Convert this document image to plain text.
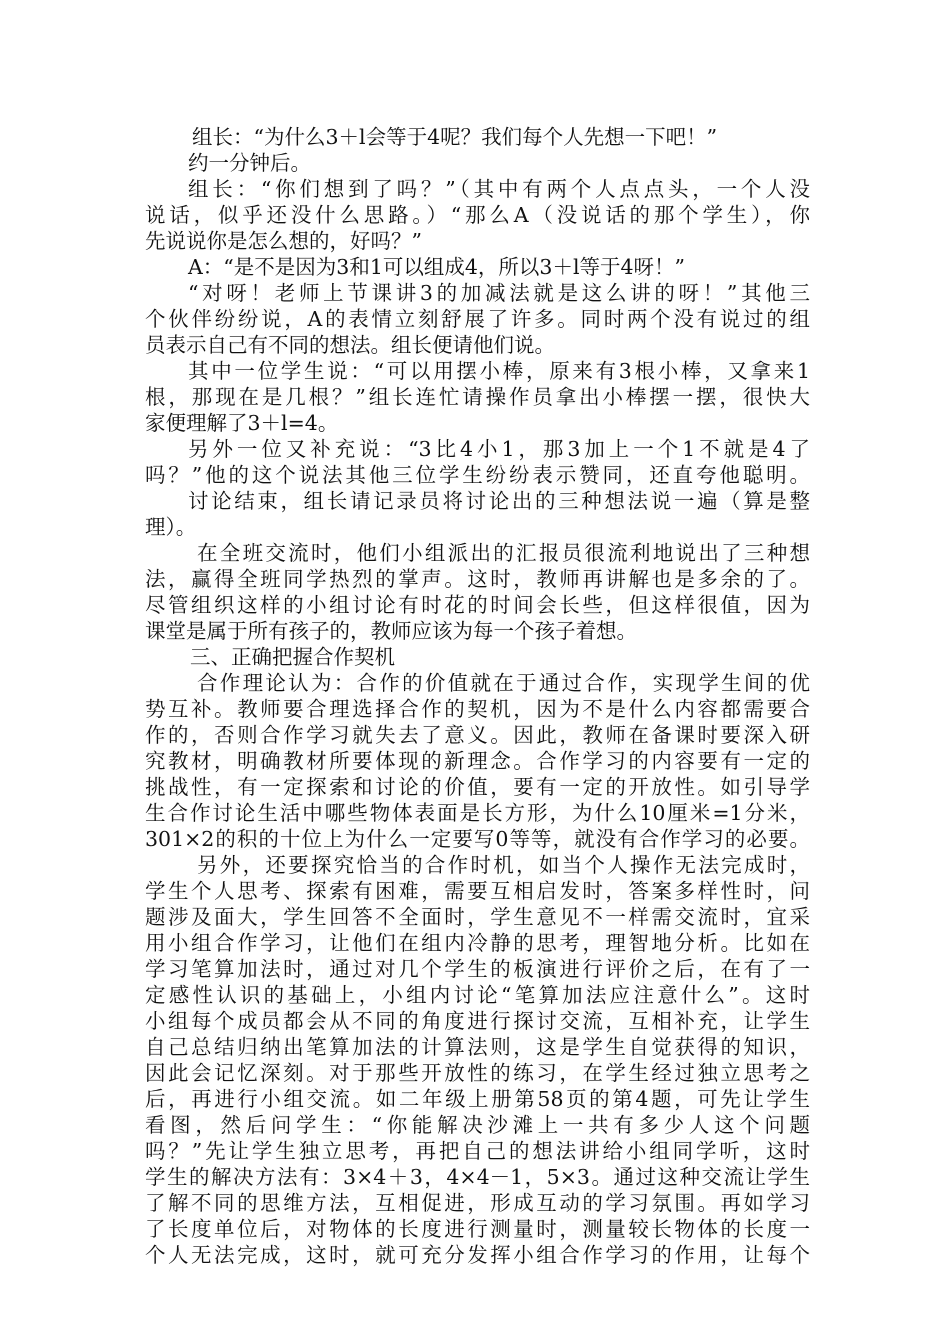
组长：“为什么3＋l会等于4呢？我们每个人先想一下吧！”
约一分钟后。
组长：“你们想到了吗？”（其中有两个人点点头，一个人没
说话，似乎还没什么思路。）“那么A（没说话的那个学生），你
先说说你是怎么想的，好吗？”
A：“是不是因为3和1可以组成4，所以3＋l等于4呀！”
“对呀！老师上节课讲3的加减法就是这么讲的呀！”其他三
个伙伴纷纷说，A的表情立刻舒展了许多。同时两个没有说过的组
员表示自己有不同的想法。组长便请他们说。
其中一位学生说：“可以用摆小棒，原来有3根小棒，又拿来1
根，那现在是几根？”组长连忙请操作员拿出小棒摆一摆，很快大
家便理解了3＋l=4。
另外一位又补充说：“3比4小1，那3加上一个1不就是4了
吗？”他的这个说法其他三位学生纷纷表示赞同，还直夸他聪明。
讨论结束，组长请记录员将讨论出的三种想法说一遍（算是整
理）。
在全班交流时，他们小组派出的汇报员很流利地说出了三种想
法，赢得全班同学热烈的掌声。这时，教师再讲解也是多余的了。
尽管组织这样的小组讨论有时花的时间会长些，但这样很值，因为
课堂是属于所有孩子的，教师应该为每一个孩子着想。
三、正确把握合作契机
合作理论认为：合作的价值就在于通过合作，实现学生间的优
势互补。教师要合理选择合作的契机，因为不是什么内容都需要合
作的，否则合作学习就失去了意义。因此，教师在备课时要深入研
究教材，明确教材所要体现的新理念。合作学习的内容要有一定的
挑战性，有一定探索和讨论的价值，要有一定的开放性。如引导学
生合作讨论生活中哪些物体表面是长方形，为什么10厘米=1分米，
301×2的积的十位上为什么一定要写0等等，就没有合作学习的必要。
另外，还要探究恰当的合作时机，如当个人操作无法完成时，
学生个人思考、探索有困难，需要互相启发时，答案多样性时，问
题涉及面大，学生回答不全面时，学生意见不一样需交流时，宜采
用小组合作学习，让他们在组内冷静的思考，理智地分析。比如在
学习笔算加法时，通过对几个学生的板演进行评价之后，在有了一
定感性认识的基础上，小组内讨论“笔算加法应注意什么”。这时
小组每个成员都会从不同的角度进行探讨交流，互相补充，让学生
自己总结归纳出笔算加法的计算法则，这是学生自觉获得的知识，
因此会记忆深刻。对于那些开放性的练习，在学生经过独立思考之
后，再进行小组交流。如二年级上册第58页的第4题，可先让学生
看图，然后问学生：“你能解决沙滩上一共有多少人这个问题
吗？”先让学生独立思考，再把自己的想法讲给小组同学听，这时
学生的解决方法有：3×4＋3，4×4－1，5×3。通过这种交流让学生
了解不同的思维方法，互相促进，形成互动的学习氛围。再如学习
了长度单位后，对物体的长度进行测量时，测量较长物体的长度一
个人无法完成，这时，就可充分发挥小组合作学习的作用，让每个
